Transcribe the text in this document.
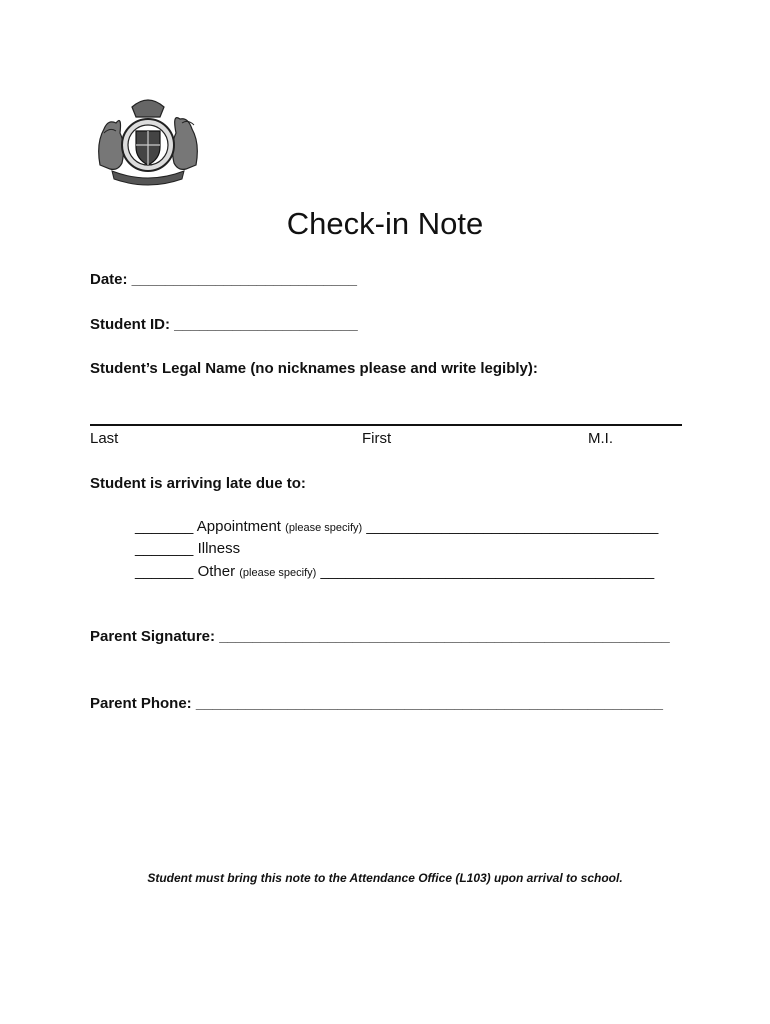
Check-in Note
Date: ___________________________
Student ID: ______________________
Student’s Legal Name (no nicknames please and write legibly):
Last	First	M.I.
Student is arriving late due to:
_______ Appointment (please specify) ___________________________________
_______ Illness
_______ Other (please specify) ________________________________________
Parent Signature: ______________________________________________________
Parent Phone: ________________________________________________________
Student must bring this note to the Attendance Office (L103) upon arrival to school.
